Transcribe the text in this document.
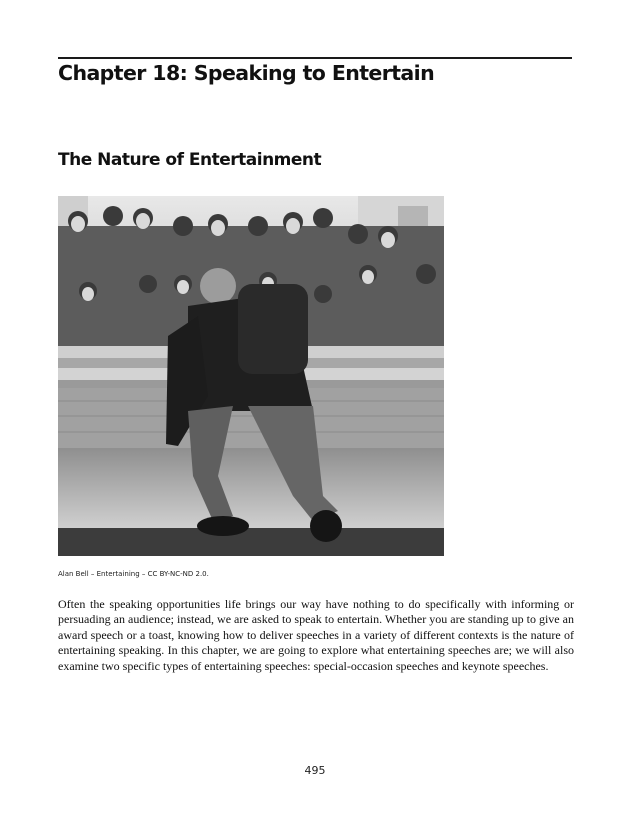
Chapter 18: Speaking to Entertain
The Nature of Entertainment

Alan Bell – Entertaining – CC BY-NC-ND 2.0.

Often the speaking opportunities life brings our way have nothing to do specifically with informing or persuading an audience; instead, we are asked to speak to entertain. Whether you are standing up to give an award speech or a toast, knowing how to deliver speeches in a variety of different contexts is the nature of entertaining speaking. In this chapter, we are going to explore what entertaining speeches are; we will also examine two specific types of entertaining speeches: special-occasion speeches and keynote speeches.

495
